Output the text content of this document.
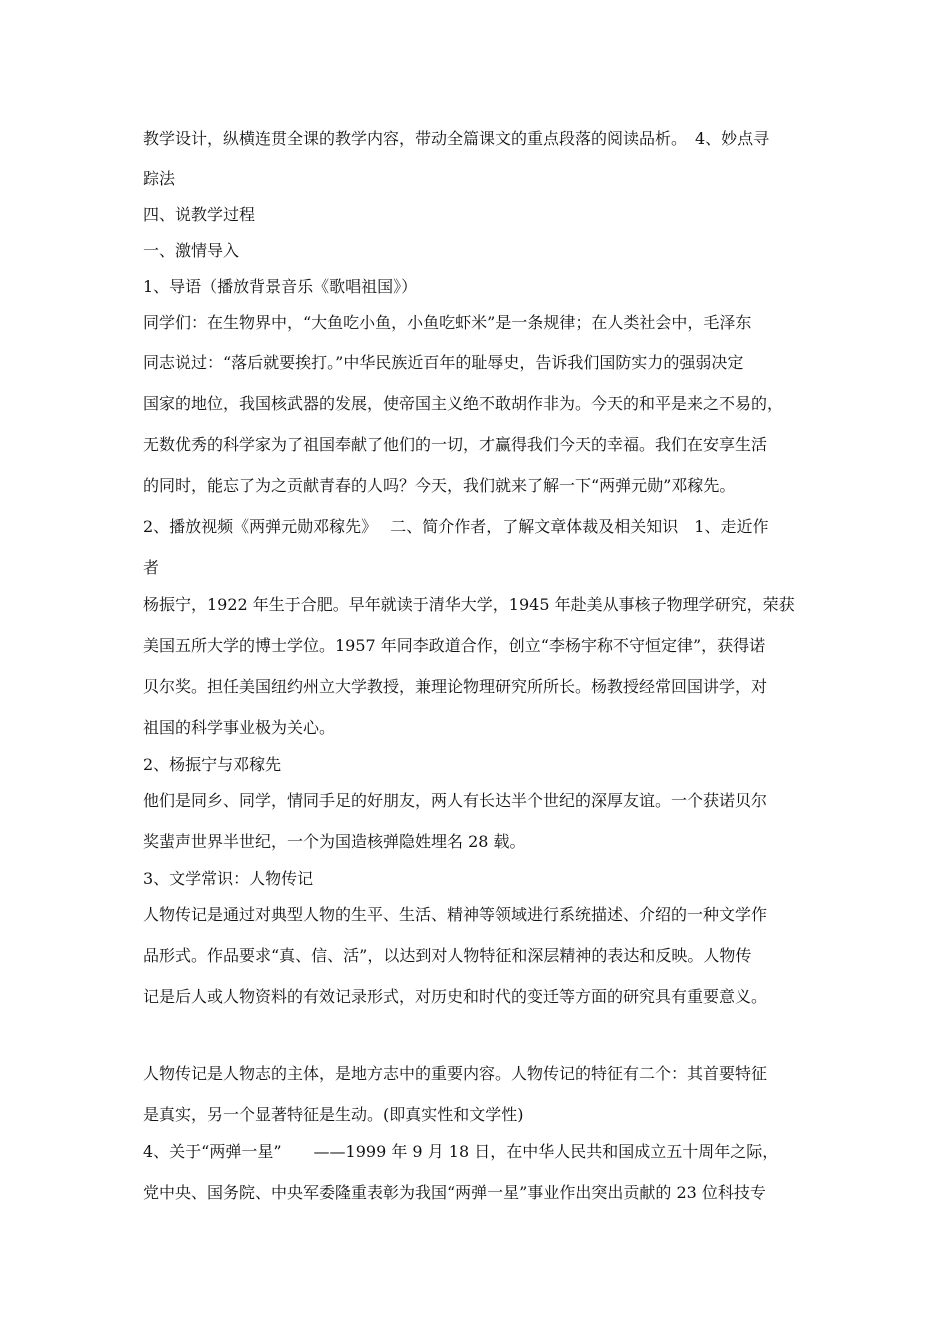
教学设计，纵横连贯全课的教学内容，带动全篇课文的重点段落的阅读品析。　4、妙点寻
踪法
四、说教学过程
一、激情导入
1、导语（播放背景音乐《歌唱祖国》）
同学们：在生物界中，“大鱼吃小鱼，小鱼吃虾米”是一条规律；在人类社会中，毛泽东
同志说过：“落后就要挨打。”中华民族近百年的耻辱史，告诉我们国防实力的强弱决定
国家的地位，我国核武器的发展，使帝国主义绝不敢胡作非为。今天的和平是来之不易的，
无数优秀的科学家为了祖国奉献了他们的一切，才赢得我们今天的幸福。我们在安享生活
的同时，能忘了为之贡献青春的人吗？今天，我们就来了解一下“两弹元勋”邓稼先。
2、播放视频《两弹元勋邓稼先》　 二、简介作者，了解文章体裁及相关知识　1、走近作
者
杨振宁，1922 年生于合肥。早年就读于清华大学，1945 年赴美从事核子物理学研究，荣获
美国五所大学的博士学位。1957 年同李政道合作，创立“李杨宇称不守恒定律”，获得诺
贝尔奖。担任美国纽约州立大学教授，兼理论物理研究所所长。杨教授经常回国讲学，对
祖国的科学事业极为关心。
2、杨振宁与邓稼先
他们是同乡、同学，情同手足的好朋友，两人有长达半个世纪的深厚友谊。一个获诺贝尔
奖蜚声世界半世纪，一个为国造核弹隐姓埋名 28 载。
3、文学常识：人物传记
人物传记是通过对典型人物的生平、生活、精神等领域进行系统描述、介绍的一种文学作
品形式。作品要求“真、信、活”，以达到对人物特征和深层精神的表达和反映。人物传
记是后人或人物资料的有效记录形式，对历史和时代的变迁等方面的研究具有重要意义。
人物传记是人物志的主体，是地方志中的重要内容。人物传记的特征有二个：其首要特征
是真实，另一个显著特征是生动。(即真实性和文学性)
4、关于“两弹一星”　　——1999 年 9 月 18 日，在中华人民共和国成立五十周年之际，
党中央、国务院、中央军委隆重表彰为我国“两弹一星”事业作出突出贡献的 23 位科技专
